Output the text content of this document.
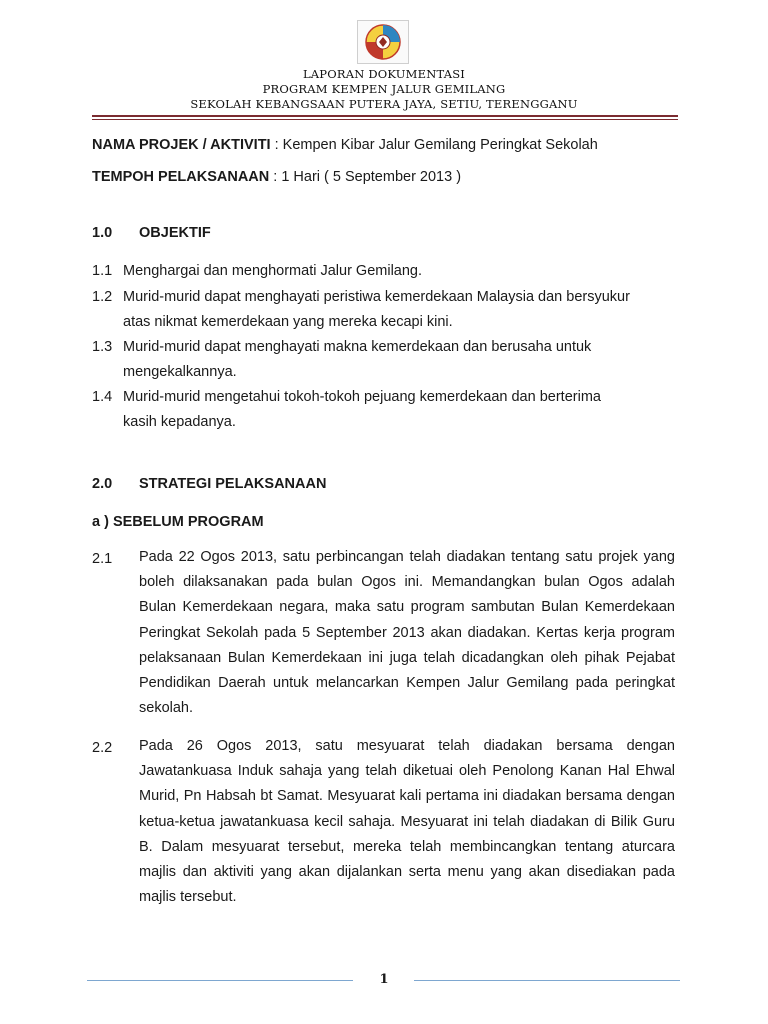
LAPORAN DOKUMENTASI
PROGRAM KEMPEN JALUR GEMILANG
SEKOLAH KEBANGSAAN PUTERA JAYA, SETIU, TERENGGANU
NAMA PROJEK / AKTIVITI : Kempen Kibar Jalur Gemilang Peringkat Sekolah
TEMPOH PELAKSANAAN : 1 Hari ( 5 September 2013 )
1.0 OBJEKTIF
1.1 Menghargai dan menghormati Jalur Gemilang.
1.2 Murid-murid dapat menghayati peristiwa kemerdekaan Malaysia dan bersyukur
atas nikmat kemerdekaan yang mereka kecapi kini.
1.3 Murid-murid dapat menghayati makna kemerdekaan dan berusaha untuk
mengekalkannya.
1.4 Murid-murid mengetahui tokoh-tokoh pejuang kemerdekaan dan berterima
kasih kepadanya.
2.0 STRATEGI PELAKSANAAN
a ) SEBELUM PROGRAM
2.1 Pada 22 Ogos 2013, satu perbincangan telah diadakan tentang satu projek yang boleh dilaksanakan pada bulan Ogos ini. Memandangkan bulan Ogos adalah Bulan Kemerdekaan negara, maka satu program sambutan Bulan Kemerdekaan Peringkat Sekolah pada 5 September 2013 akan diadakan. Kertas kerja program pelaksanaan Bulan Kemerdekaan ini juga telah dicadangkan oleh pihak Pejabat Pendidikan Daerah untuk melancarkan Kempen Jalur Gemilang pada peringkat sekolah.
2.2 Pada 26 Ogos 2013, satu mesyuarat telah diadakan bersama dengan Jawatankuasa Induk sahaja yang telah diketuai oleh Penolong Kanan Hal Ehwal Murid, Pn Habsah bt Samat. Mesyuarat kali pertama ini diadakan bersama dengan ketua-ketua jawatankuasa kecil sahaja. Mesyuarat ini telah diadakan di Bilik Guru B. Dalam mesyuarat tersebut, mereka telah membincangkan tentang aturcara majlis dan aktiviti yang akan dijalankan serta menu yang akan disediakan pada majlis tersebut.
1
